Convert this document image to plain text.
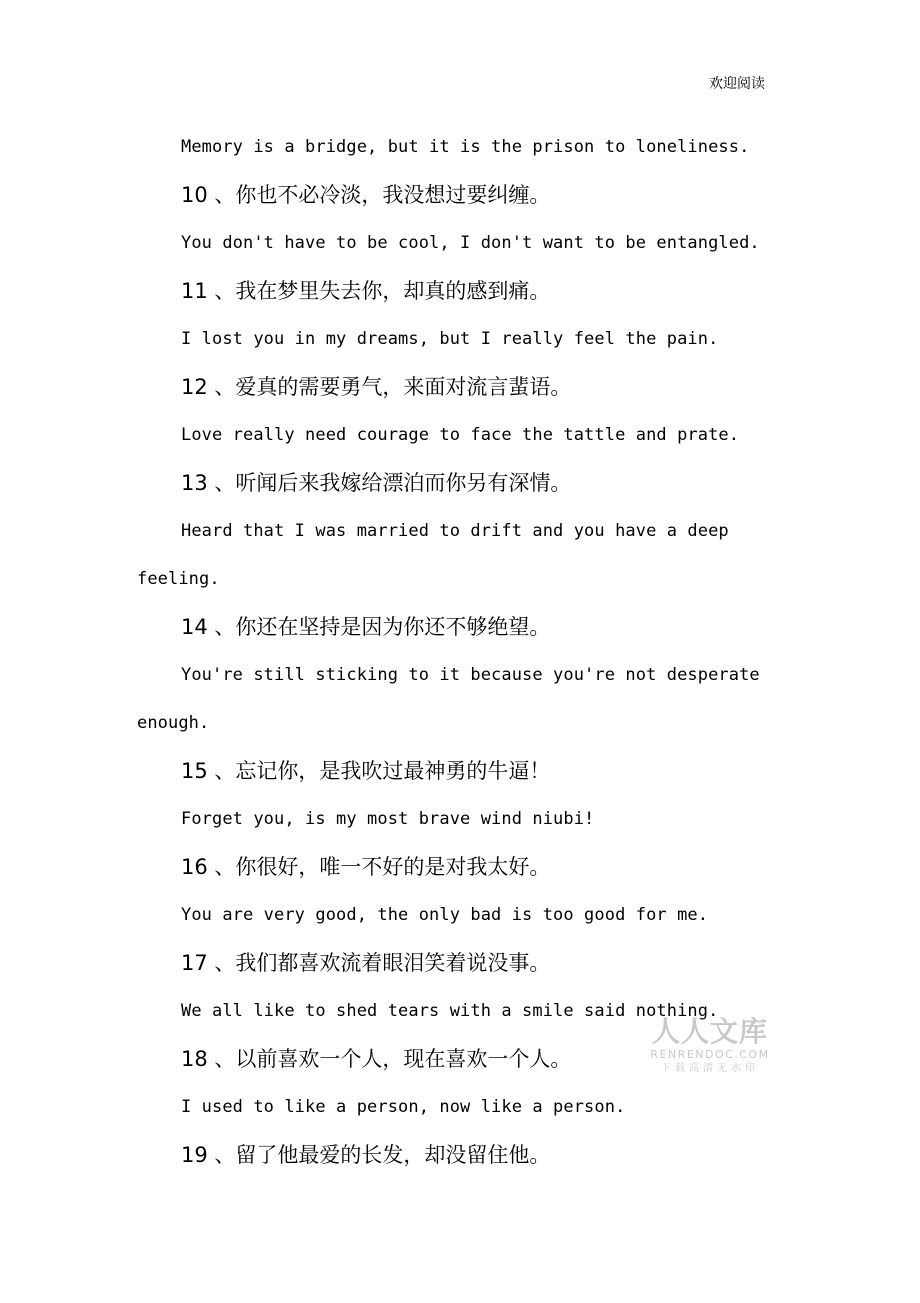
欢迎阅读
Memory is a bridge, but it is the prison to loneliness.
10 、你也不必冷淡，我没想过要纠缠。
You don't have to be cool, I don't want to be entangled.
11 、我在梦里失去你，却真的感到痛。
I lost you in my dreams, but I really feel the pain.
12 、爱真的需要勇气，来面对流言蜚语。
Love really need courage to face the tattle and prate.
13 、听闻后来我嫁给漂泊而你另有深情。
Heard that I was married to drift and you have a deep
feeling.
14 、你还在坚持是因为你还不够绝望。
You're still sticking to it because you're not desperate
enough.
15 、忘记你，是我吹过最神勇的牛逼！
Forget you, is my most brave wind niubi!
16 、你很好，唯一不好的是对我太好。
You are very good, the only bad is too good for me.
17 、我们都喜欢流着眼泪笑着说没事。
We all like to shed tears with a smile said nothing.
18 、以前喜欢一个人，现在喜欢一个人。
I used to like a person, now like a person.
19 、留了他最爱的长发，却没留住他。
人人文库
RENRENDOC.COM
下载高清无水印
